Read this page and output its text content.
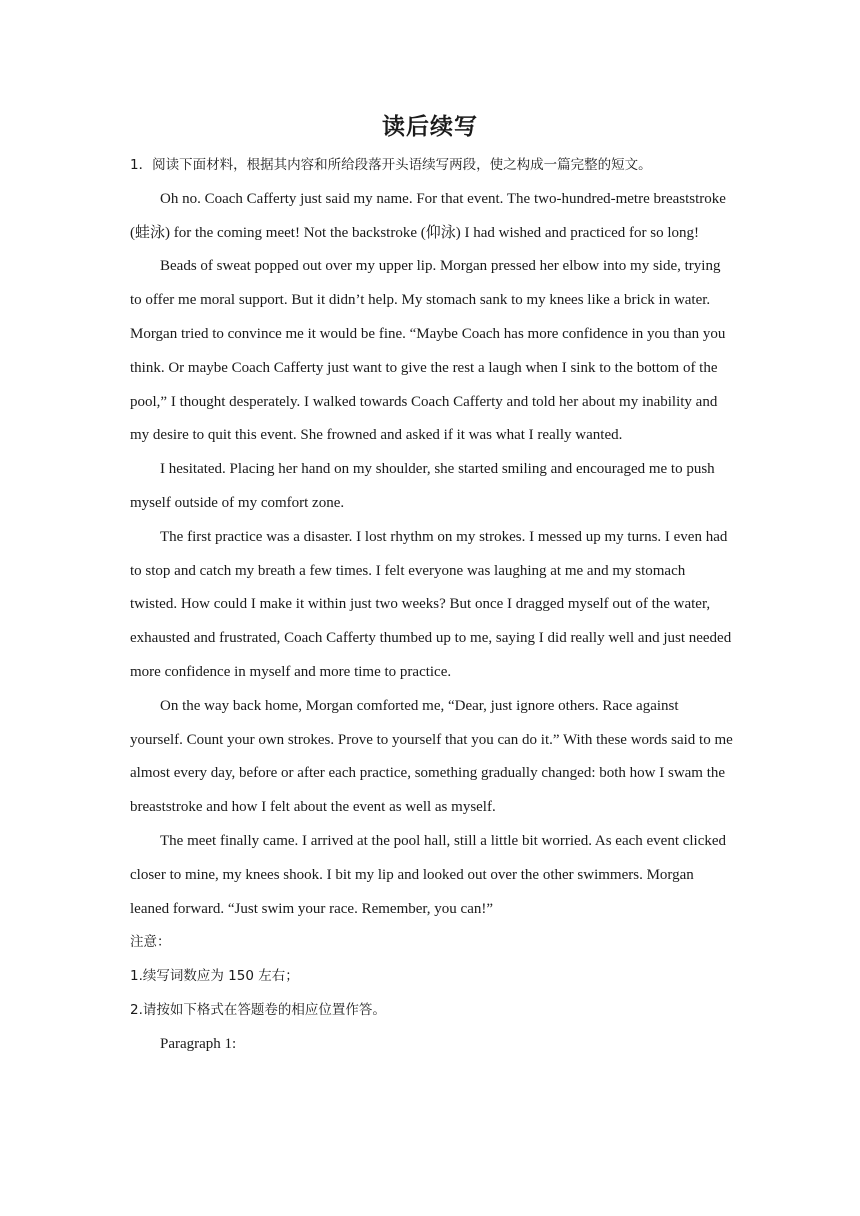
读后续写

1．阅读下面材料，根据其内容和所给段落开头语续写两段，使之构成一篇完整的短文。

Oh no. Coach Cafferty just said my name. For that event. The two-hundred-metre breaststroke (蛙泳) for the coming meet! Not the backstroke (仰泳) I had wished and practiced for so long!

Beads of sweat popped out over my upper lip. Morgan pressed her elbow into my side, trying to offer me moral support. But it didn’t help. My stomach sank to my knees like a brick in water. Morgan tried to convince me it would be fine. “Maybe Coach has more confidence in you than you think. Or maybe Coach Cafferty just want to give the rest a laugh when I sink to the bottom of the pool,” I thought desperately. I walked towards Coach Cafferty and told her about my inability and my desire to quit this event. She frowned and asked if it was what I really wanted.

I hesitated. Placing her hand on my shoulder, she started smiling and encouraged me to push myself outside of my comfort zone.

The first practice was a disaster. I lost rhythm on my strokes. I messed up my turns. I even had to stop and catch my breath a few times. I felt everyone was laughing at me and my stomach twisted. How could I make it within just two weeks? But once I dragged myself out of the water, exhausted and frustrated, Coach Cafferty thumbed up to me, saying I did really well and just needed more confidence in myself and more time to practice.

On the way back home, Morgan comforted me, “Dear, just ignore others. Race against yourself. Count your own strokes. Prove to yourself that you can do it.” With these words said to me almost every day, before or after each practice, something gradually changed: both how I swam the breaststroke and how I felt about the event as well as myself.

The meet finally came. I arrived at the pool hall, still a little bit worried. As each event clicked closer to mine, my knees shook. I bit my lip and looked out over the other swimmers. Morgan leaned forward. “Just swim your race. Remember, you can!”

注意：

1.续写词数应为 150 左右；

2.请按如下格式在答题卷的相应位置作答。

Paragraph 1:
